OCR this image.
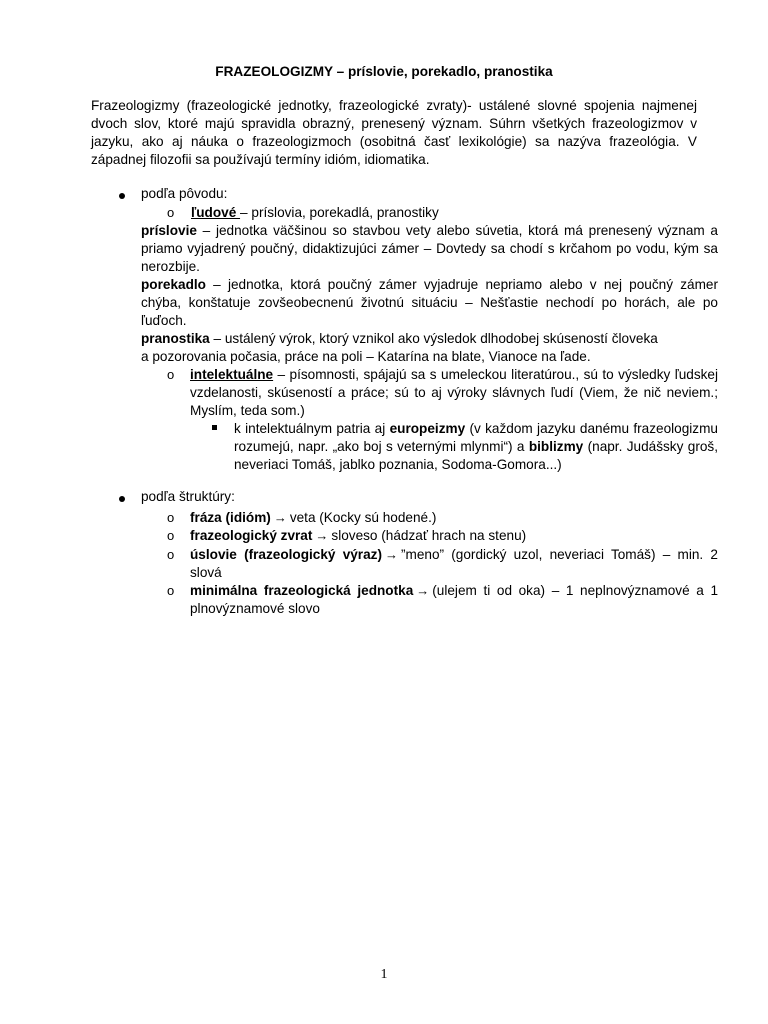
FRAZEOLOGIZMY – príslovie, porekadlo, pranostika
Frazeologizmy (frazeologické jednotky, frazeologické zvraty)- ustálené slovné spojenia najmenej dvoch slov, ktoré majú spravidla obrazný, prenesený význam. Súhrn všetkých frazeologizmov v jazyku, ako aj náuka o frazeologizmoch (osobitná časť lexikológie) sa nazýva frazeológia. V západnej filozofii sa používajú termíny idióm, idiomatika.
podľa pôvodu:
o ľudové – príslovia, porekadlá, pranostiky
príslovie – jednotka väčšinou so stavbou vety alebo súvetia, ktorá má prenesený význam a priamo vyjadrený poučný, didaktizujúci zámer – Dovtedy sa chodí s krčahom po vodu, kým sa nerozbije.
porekadlo – jednotka, ktorá poučný zámer vyjadruje nepriamo alebo v nej poučný zámer chýba, konštatuje zovšeobecnenú životnú situáciu – Nešťastie nechodí po horách, ale po ľuďoch.
pranostika – ustálený výrok, ktorý vznikol ako výsledok dlhodobej skúseností človeka
a pozorovania počasia, práce na poli – Katarína na blate, Vianoce na ľade.
o intelektuálne – písomnosti, spájajú sa s umeleckou literatúrou., sú to výsledky ľudskej vzdelanosti, skúseností a práce; sú to aj výroky slávnych ľudí (Viem, že nič neviem.; Myslím, teda som.)
k intelektuálnym patria aj europeizmy (v každom jazyku danému frazeologizmu rozumejú, napr. „ako boj s veternými mlynmi“) a biblizmy (napr. Judášsky groš, neveriaci Tomáš, jablko poznania, Sodoma-Gomora...)
podľa štruktúry:
o fráza (idióm) → veta (Kocky sú hodené.)
o frazeologický zvrat → sloveso (hádzať hrach na stenu)
o úslovie (frazeologický výraz) → ”meno” (gordický uzol, neveriaci Tomáš) – min. 2 slová
o minimálna frazeologická jednotka → (ulejem ti od oka) – 1 neplnovýznamové a 1 plnovýznamové slovo
1
